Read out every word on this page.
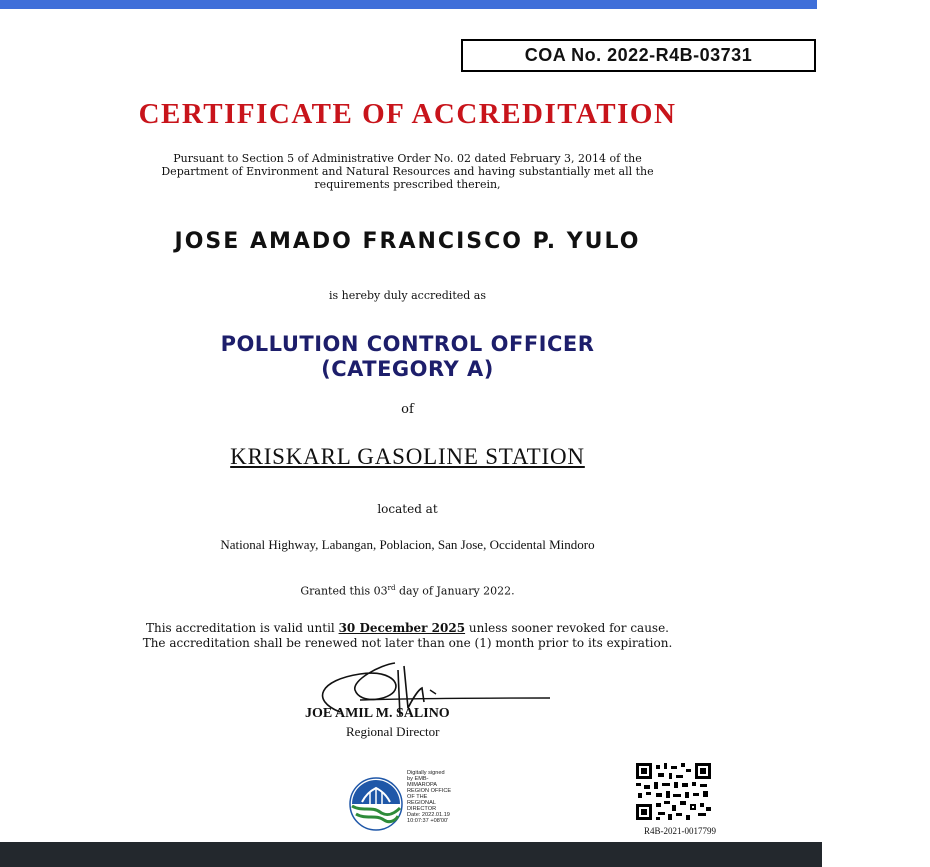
COA No. 2022-R4B-03731
CERTIFICATE OF ACCREDITATION
Pursuant to Section 5 of Administrative Order No. 02 dated February 3, 2014 of the
Department of Environment and Natural Resources and having substantially met all the
requirements prescribed therein,
JOSE AMADO FRANCISCO P. YULO
is hereby duly accredited as
POLLUTION CONTROL OFFICER
(CATEGORY A)
of
KRISKARL GASOLINE STATION
located at
National Highway, Labangan, Poblacion, San Jose, Occidental Mindoro
Granted this 03rd day of January 2022.
This accreditation is valid until 30 December 2025 unless sooner revoked for cause.
The accreditation shall be renewed not later than one (1) month prior to its expiration.
JOE AMIL M. SALINO
Regional Director
Digitally signed
by EMB-
MIMAROPA
REGION OFFICE
OF THE
REGIONAL
DIRECTOR
Date: 2022.01.19
10:07:37 +08'00'
R4B-2021-0017799
